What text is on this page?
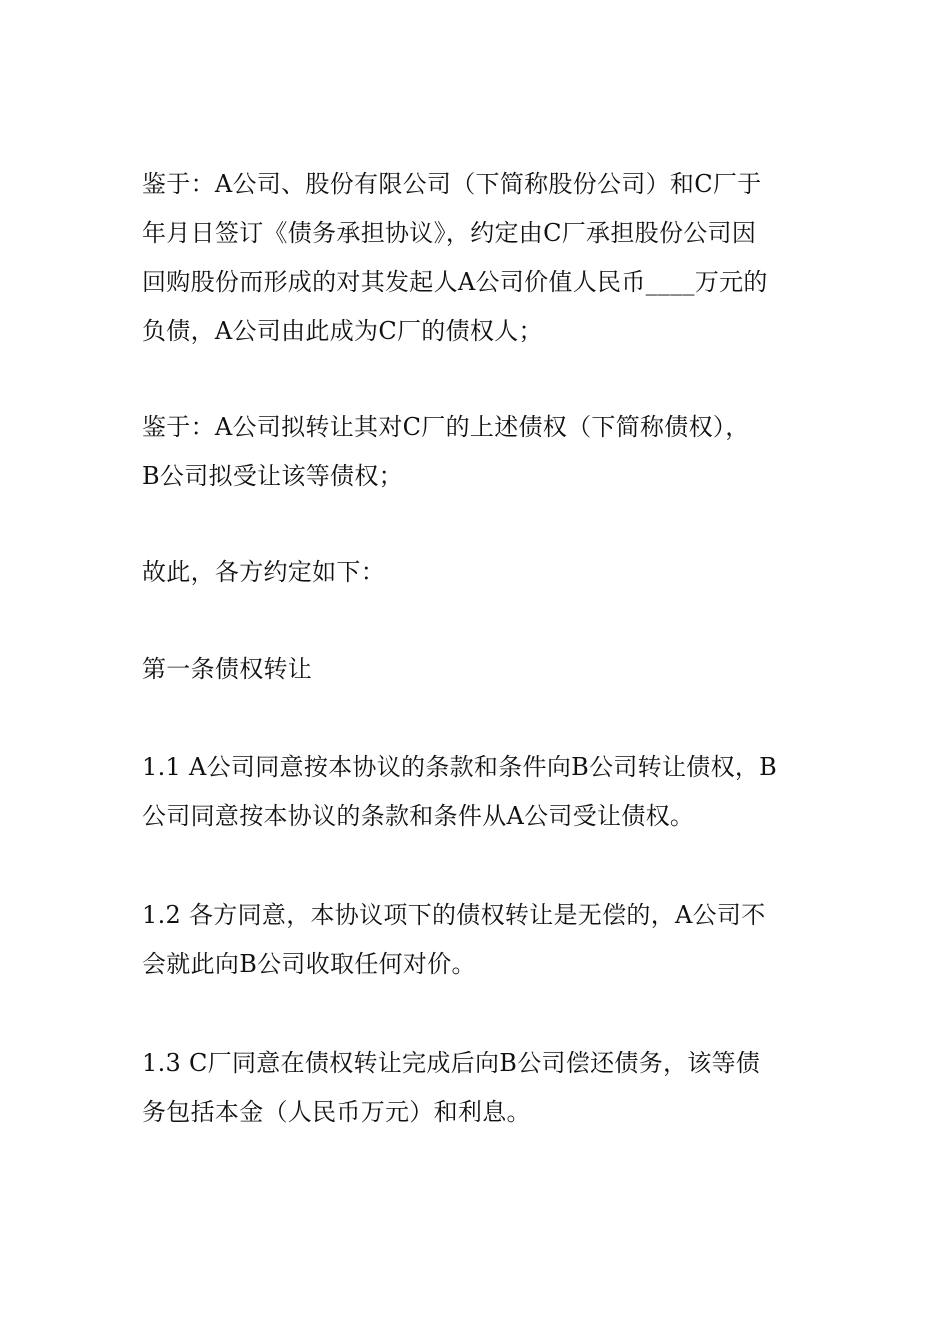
鉴于：A公司、股份有限公司（下简称股份公司）和C厂于
年月日签订《债务承担协议》，约定由C厂承担股份公司因
回购股份而形成的对其发起人A公司价值人民币____万元的
负债，A公司由此成为C厂的债权人；

鉴于：A公司拟转让其对C厂的上述债权（下简称债权），
B公司拟受让该等债权；

故此，各方约定如下：

第一条债权转让

1.1 A公司同意按本协议的条款和条件向B公司转让债权，B
公司同意按本协议的条款和条件从A公司受让债权。

1.2 各方同意，本协议项下的债权转让是无偿的，A公司不
会就此向B公司收取任何对价。

1.3 C厂同意在债权转让完成后向B公司偿还债务，该等债
务包括本金（人民币万元）和利息。
